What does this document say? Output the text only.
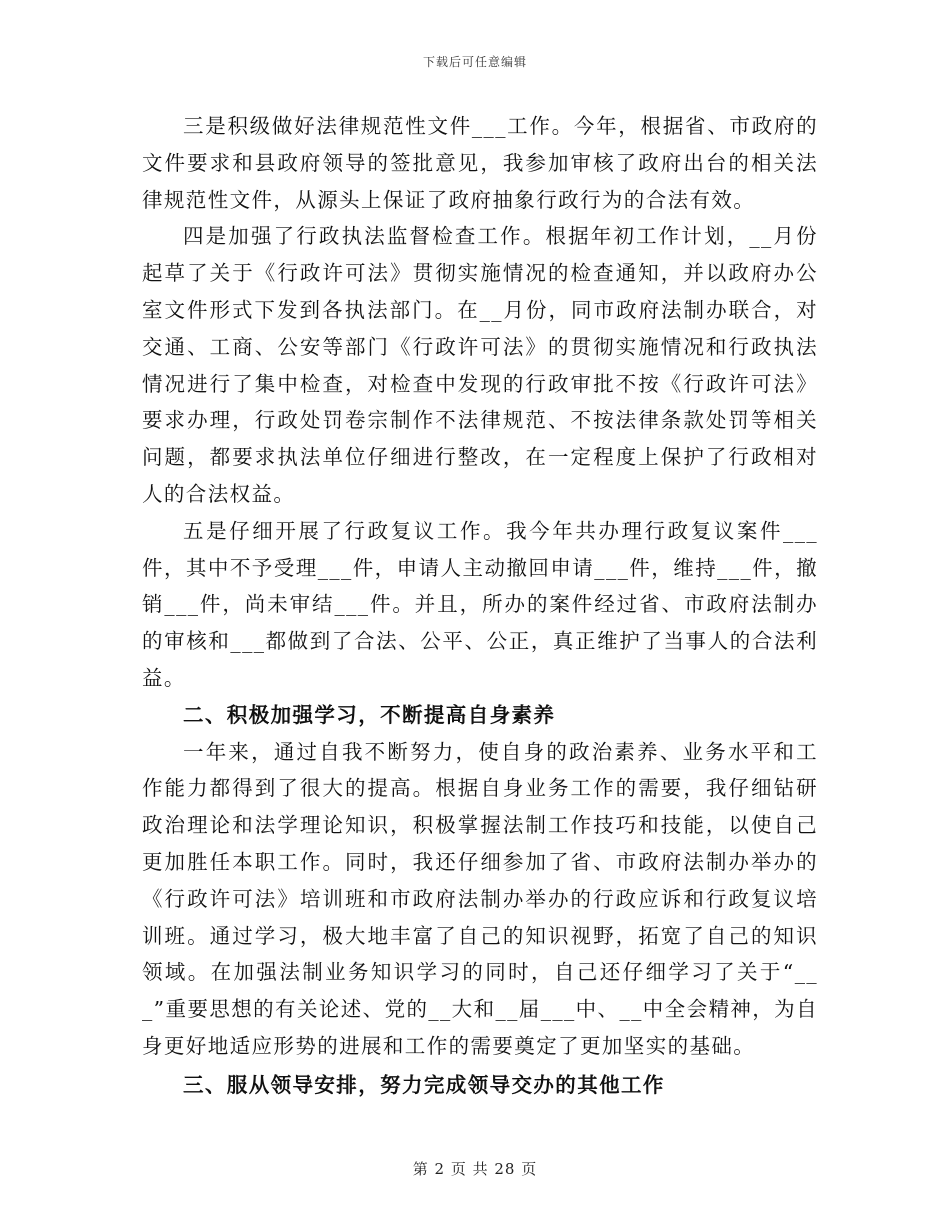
下载后可任意编辑

三是积级做好法律规范性文件___工作。今年，根据省、市政府的文件要求和县政府领导的签批意见，我参加审核了政府出台的相关法律规范性文件，从源头上保证了政府抽象行政行为的合法有效。

四是加强了行政执法监督检查工作。根据年初工作计划，__月份起草了关于《行政许可法》贯彻实施情况的检查通知，并以政府办公室文件形式下发到各执法部门。在__月份，同市政府法制办联合，对交通、工商、公安等部门《行政许可法》的贯彻实施情况和行政执法情况进行了集中检查，对检查中发现的行政审批不按《行政许可法》要求办理，行政处罚卷宗制作不法律规范、不按法律条款处罚等相关问题，都要求执法单位仔细进行整改，在一定程度上保护了行政相对人的合法权益。

五是仔细开展了行政复议工作。我今年共办理行政复议案件___件，其中不予受理___件，申请人主动撤回申请___件，维持___件，撤销___件，尚未审结___件。并且，所办的案件经过省、市政府法制办的审核和___都做到了合法、公平、公正，真正维护了当事人的合法利益。

二、积极加强学习，不断提高自身素养

一年来，通过自我不断努力，使自身的政治素养、业务水平和工作能力都得到了很大的提高。根据自身业务工作的需要，我仔细钻研政治理论和法学理论知识，积极掌握法制工作技巧和技能，以使自己更加胜任本职工作。同时，我还仔细参加了省、市政府法制办举办的《行政许可法》培训班和市政府法制办举办的行政应诉和行政复议培训班。通过学习，极大地丰富了自己的知识视野，拓宽了自己的知识领域。在加强法制业务知识学习的同时，自己还仔细学习了关于“___”重要思想的有关论述、党的__大和__届___中、__中全会精神，为自身更好地适应形势的进展和工作的需要奠定了更加坚实的基础。

三、服从领导安排，努力完成领导交办的其他工作

第 2 页 共 28 页
